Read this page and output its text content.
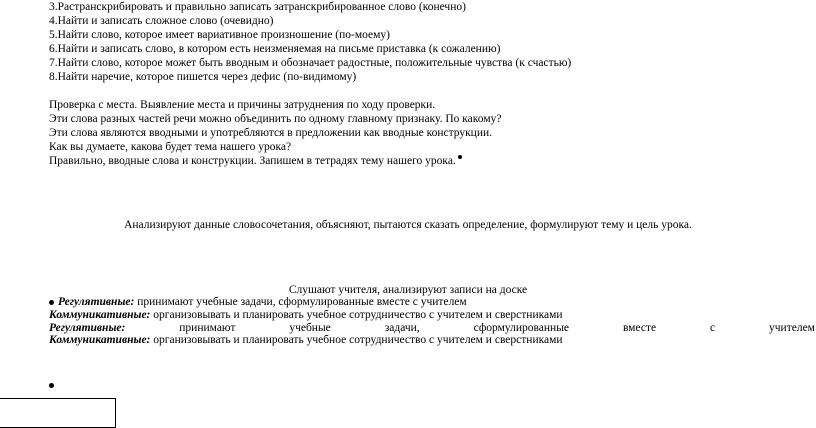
3.Растранскрибировать и правильно записать затранскрибированное слово (конечно)
4.Найти и записать сложное слово (очевидно)
5.Найти слово, которое имеет вариативное произношение (по-моему)
6.Найти и записать слово, в котором есть неизменяемая на письме приставка (к сожалению)
7.Найти слово, которое может быть вводным и обозначает радостные, положительные чувства (к счастью)
8.Найти наречие, которое пишется через дефис (по-видимому)
Проверка с места. Выявление места и причины затруднения по ходу проверки.
Эти слова разных частей речи можно объединить по одному главному признаку. По какому?
Эти слова являются вводными и употребляются в предложении как вводные конструкции.
Как вы думаете, какова будет тема нашего урока?
Правильно, вводные слова и конструкции. Запишем в тетрадях тему нашего урока.
Анализируют данные словосочетания, объясняют, пытаются сказать определение, формулируют тему и цель урока.
Слушают учителя, анализируют записи на доске
Регулятивные: принимают учебные задачи, сформулированные вместе с учителем
Коммуникативные: организовывать и планировать учебное сотрудничество с учителем и сверстниками
Регулятивные:	принимают	учебные	задачи,	сформулированные	вместе	с	учителем
Коммуникативные: организовывать и планировать учебное сотрудничество с учителем и сверстниками
